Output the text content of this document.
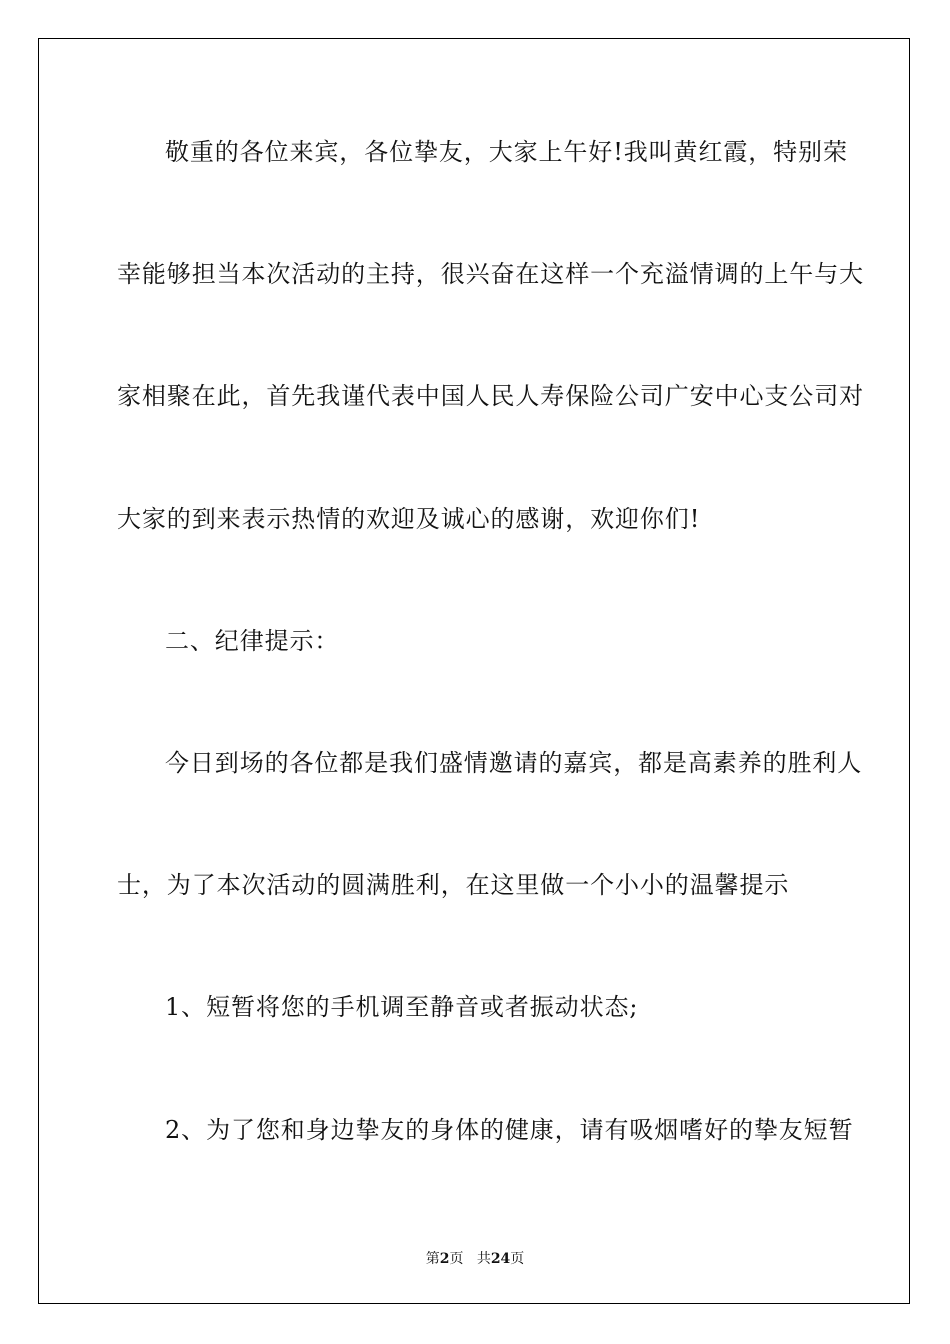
敬重的各位来宾，各位挚友，大家上午好!我叫黄红霞，特别荣
幸能够担当本次活动的主持，很兴奋在这样一个充溢情调的上午与大
家相聚在此，首先我谨代表中国人民人寿保险公司广安中心支公司对
大家的到来表示热情的欢迎及诚心的感谢，欢迎你们!
二、纪律提示：
今日到场的各位都是我们盛情邀请的嘉宾，都是高素养的胜利人
士，为了本次活动的圆满胜利，在这里做一个小小的温馨提示
1、短暂将您的手机调至静音或者振动状态;
2、为了您和身边挚友的身体的健康，请有吸烟嗜好的挚友短暂
第2页 共24页
